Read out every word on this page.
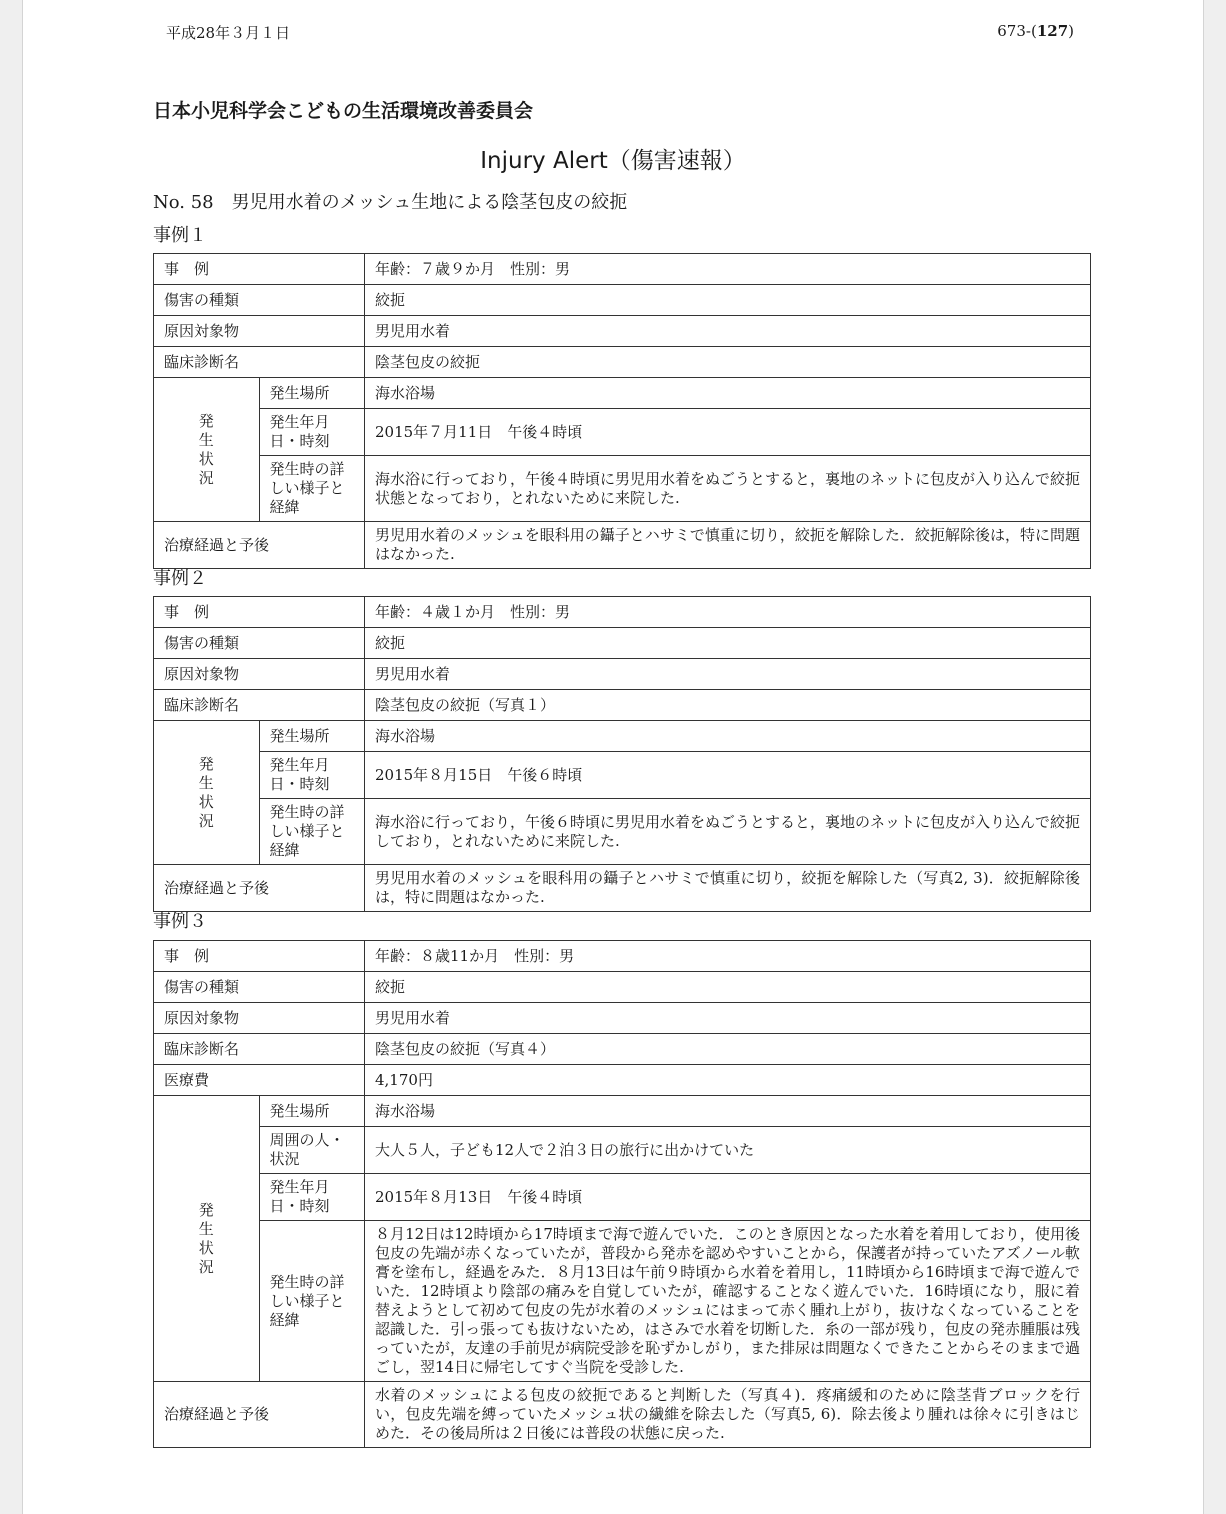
平成28年３月１日	673-(127)
日本小児科学会こどもの生活環境改善委員会
Injury Alert（傷害速報）
No. 58　男児用水着のメッシュ生地による陰茎包皮の絞扼
事例１
事　例		年齢：７歳９か月　性別：男
傷害の種類		絞扼
原因対象物		男児用水着
臨床診断名		陰茎包皮の絞扼
発生状況	発生場所	海水浴場
	発生年月日・時刻	2015年７月11日　午後４時頃
	発生時の詳しい様子と経緯	海水浴に行っており，午後４時頃に男児用水着をぬごうとすると，裏地のネットに包皮が入り込んで絞扼状態となっており，とれないために来院した.
治療経過と予後		男児用水着のメッシュを眼科用の鑷子とハサミで慎重に切り，絞扼を解除した．絞扼解除後は，特に問題はなかった.
事例２
事　例		年齢：４歳１か月　性別：男
傷害の種類		絞扼
原因対象物		男児用水着
臨床診断名		陰茎包皮の絞扼（写真１）
発生状況	発生場所	海水浴場
	発生年月日・時刻	2015年８月15日　午後６時頃
	発生時の詳しい様子と経緯	海水浴に行っており，午後６時頃に男児用水着をぬごうとすると，裏地のネットに包皮が入り込んで絞扼しており，とれないために来院した.
治療経過と予後		男児用水着のメッシュを眼科用の鑷子とハサミで慎重に切り，絞扼を解除した（写真2, 3)．絞扼解除後は，特に問題はなかった.
事例３
事　例		年齢：８歳11か月　性別：男
傷害の種類		絞扼
原因対象物		男児用水着
臨床診断名		陰茎包皮の絞扼（写真４）
医療費		4,170円
発生状況	発生場所	海水浴場
	周囲の人・状況	大人５人，子ども12人で２泊３日の旅行に出かけていた
	発生年月日・時刻	2015年８月13日　午後４時頃
	発生時の詳しい様子と経緯	８月12日は12時頃から17時頃まで海で遊んでいた．このとき原因となった水着を着用しており，使用後包皮の先端が赤くなっていたが，普段から発赤を認めやすいことから，保護者が持っていたアズノール軟膏を塗布し，経過をみた．８月13日は午前９時頃から水着を着用し，11時頃から16時頃まで海で遊んでいた．12時頃より陰部の痛みを自覚していたが，確認することなく遊んでいた．16時頃になり，服に着替えようとして初めて包皮の先が水着のメッシュにはまって赤く腫れ上がり，抜けなくなっていることを認識した．引っ張っても抜けないため，はさみで水着を切断した．糸の一部が残り，包皮の発赤腫脹は残っていたが，友達の手前児が病院受診を恥ずかしがり，また排尿は問題なくできたことからそのままで過ごし，翌14日に帰宅してすぐ当院を受診した.
治療経過と予後		水着のメッシュによる包皮の絞扼であると判断した（写真４)．疼痛緩和のために陰茎背ブロックを行い，包皮先端を縛っていたメッシュ状の繊維を除去した（写真5, 6)．除去後より腫れは徐々に引きはじめた．その後局所は２日後には普段の状態に戻った.
